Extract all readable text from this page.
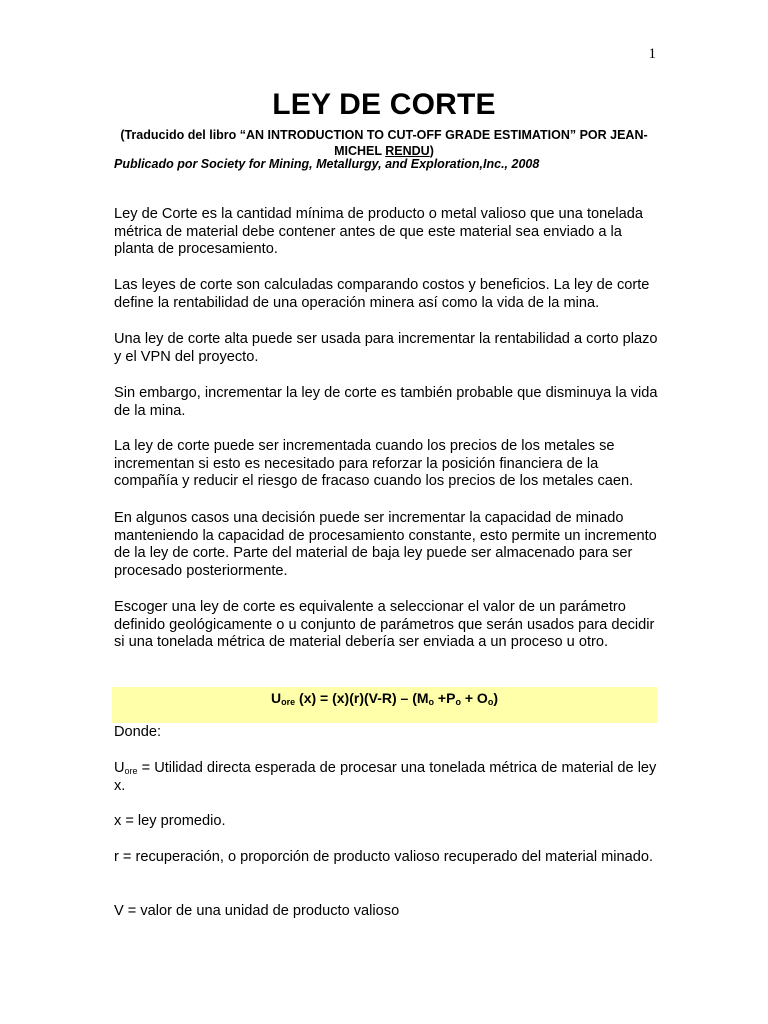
1
LEY DE CORTE
(Traducido del libro “AN INTRODUCTION TO CUT-OFF GRADE ESTIMATION” POR JEAN-MICHEL RENDU)
Publicado por Society for Mining, Metallurgy, and Exploration,Inc., 2008
Ley de Corte es la cantidad mínima de producto o metal valioso que una tonelada métrica de material debe contener antes de que este material sea enviado a la planta de procesamiento.
Las leyes de corte son calculadas comparando costos y beneficios. La ley de corte define la rentabilidad de una operación minera así como la vida de la mina.
Una ley de corte alta puede ser usada para incrementar la rentabilidad a corto plazo y el VPN del proyecto.
Sin embargo, incrementar la ley de corte es también probable que disminuya la vida de la mina.
La ley de corte puede ser incrementada cuando los precios de los metales se incrementan si esto es necesitado para reforzar la posición financiera de la compañía y reducir el riesgo de fracaso cuando los precios de los metales caen.
En algunos casos una decisión puede ser incrementar la capacidad de minado manteniendo la capacidad de procesamiento constante, esto permite un incremento de la ley de corte. Parte del material de baja ley puede ser almacenado para ser procesado posteriormente.
Escoger una ley de corte es equivalente a seleccionar el valor de un parámetro definido geológicamente o u conjunto de parámetros que serán usados para decidir si una tonelada métrica de material debería ser enviada a un proceso u otro.
$U_{ore}$ $(x) = (x)(r)(V-R) - (M_o +P_o + O_o)$
Donde:
$U_{ore}$ = Utilidad directa esperada de procesar una tonelada métrica de material de ley x.
x = ley promedio.
r = recuperación, o proporción de producto valioso recuperado del material minado.
V = valor de una unidad de producto valioso
